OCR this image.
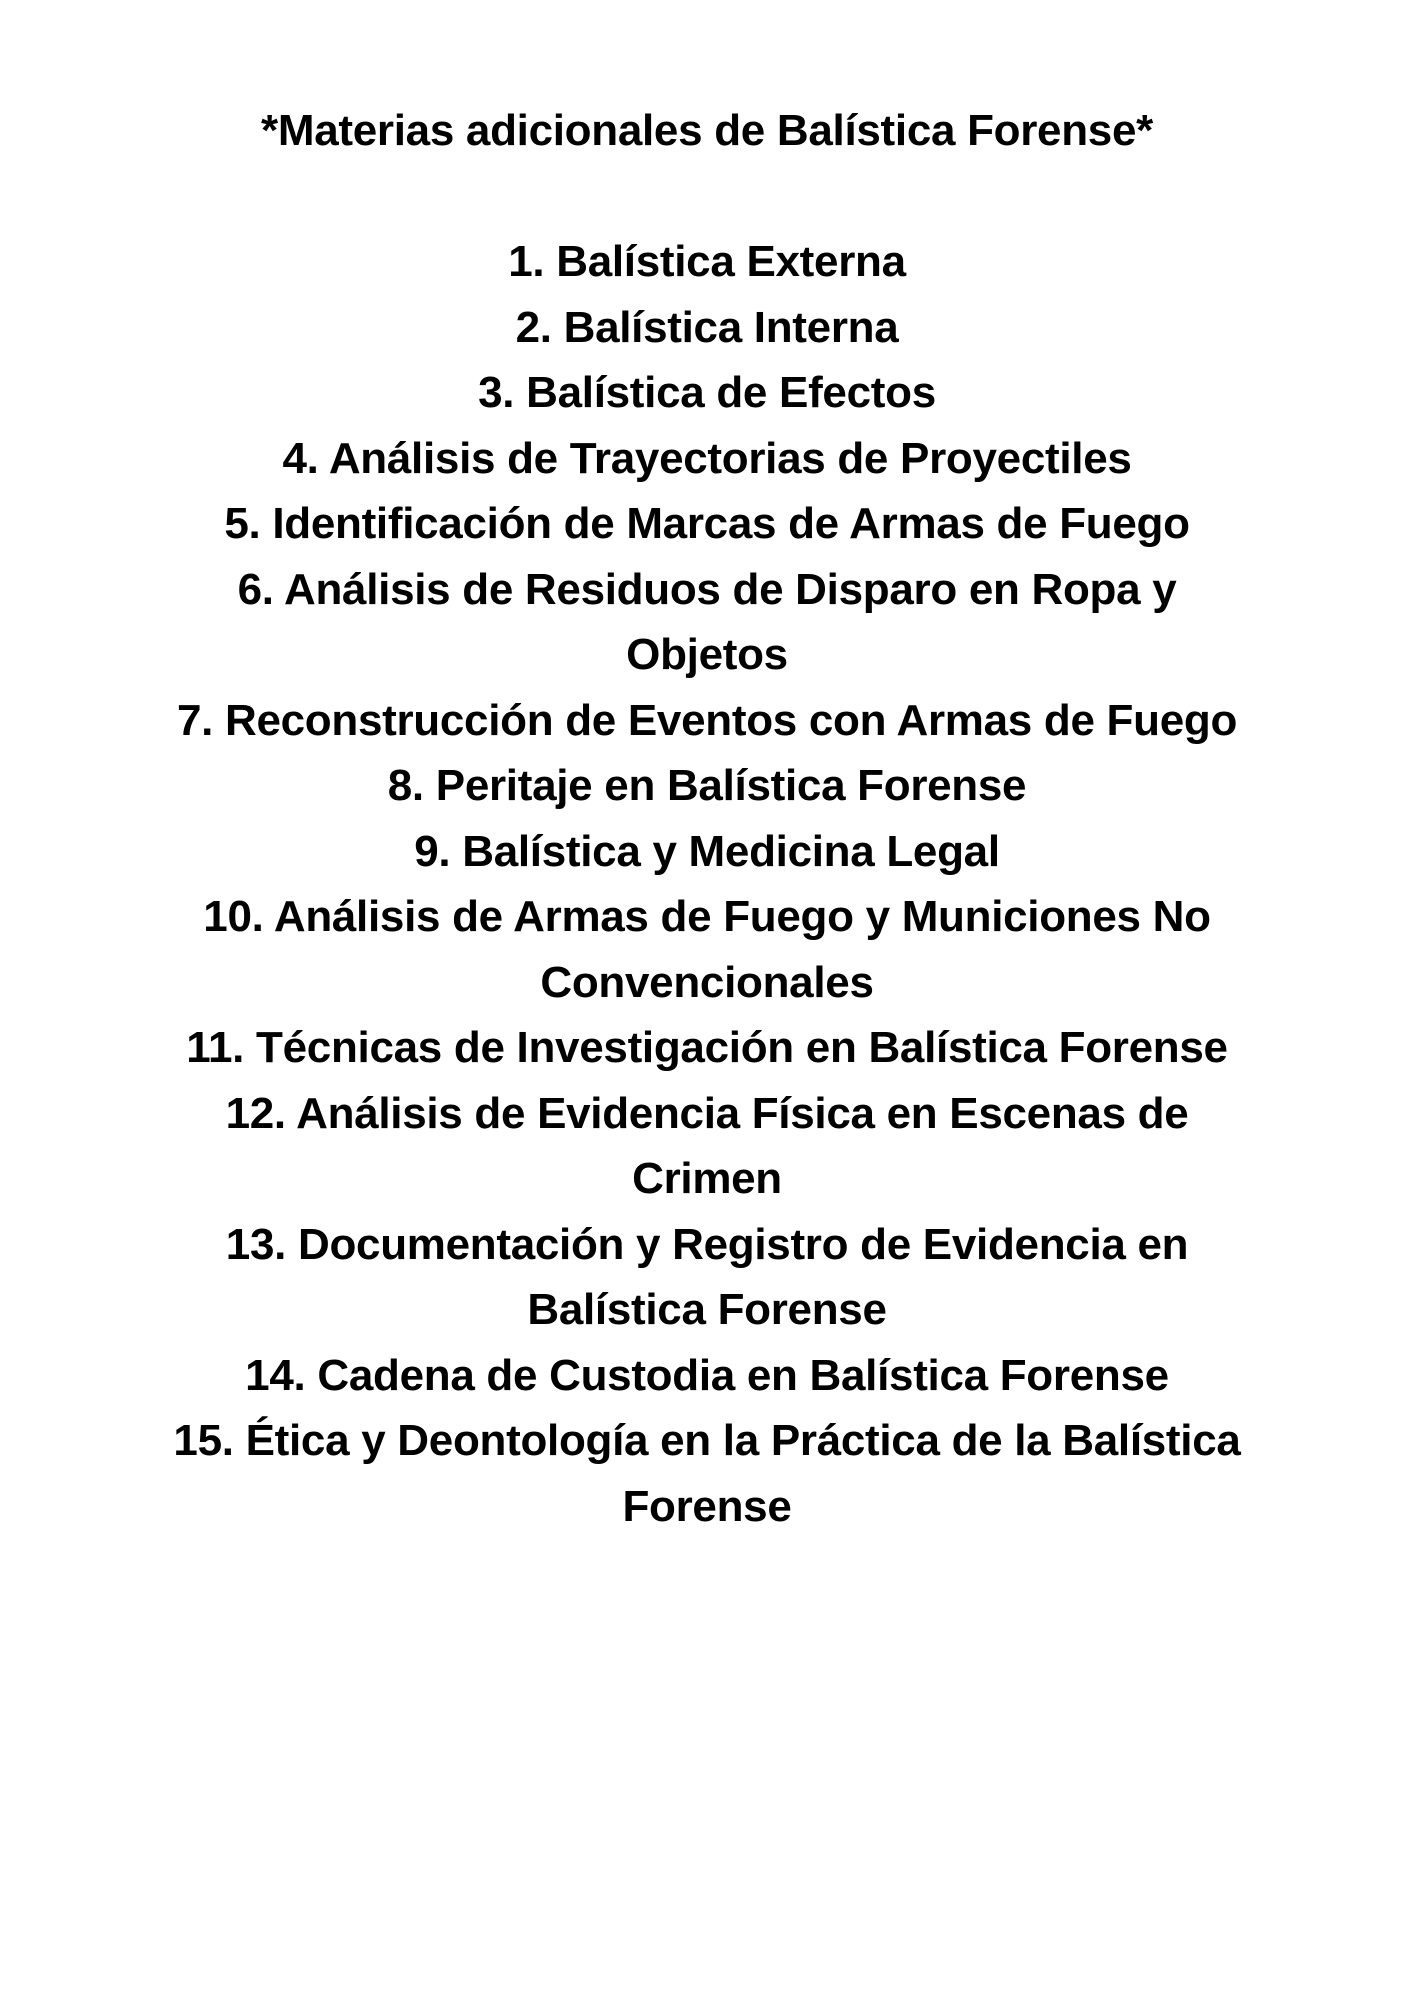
*Materias adicionales de Balística Forense*
1. Balística Externa
2. Balística Interna
3. Balística de Efectos
4. Análisis de Trayectorias de Proyectiles
5. Identificación de Marcas de Armas de Fuego
6. Análisis de Residuos de Disparo en Ropa y Objetos
7. Reconstrucción de Eventos con Armas de Fuego
8. Peritaje en Balística Forense
9. Balística y Medicina Legal
10. Análisis de Armas de Fuego y Municiones No Convencionales
11. Técnicas de Investigación en Balística Forense
12. Análisis de Evidencia Física en Escenas de Crimen
13. Documentación y Registro de Evidencia en Balística Forense
14. Cadena de Custodia en Balística Forense
15. Ética y Deontología en la Práctica de la Balística Forense
